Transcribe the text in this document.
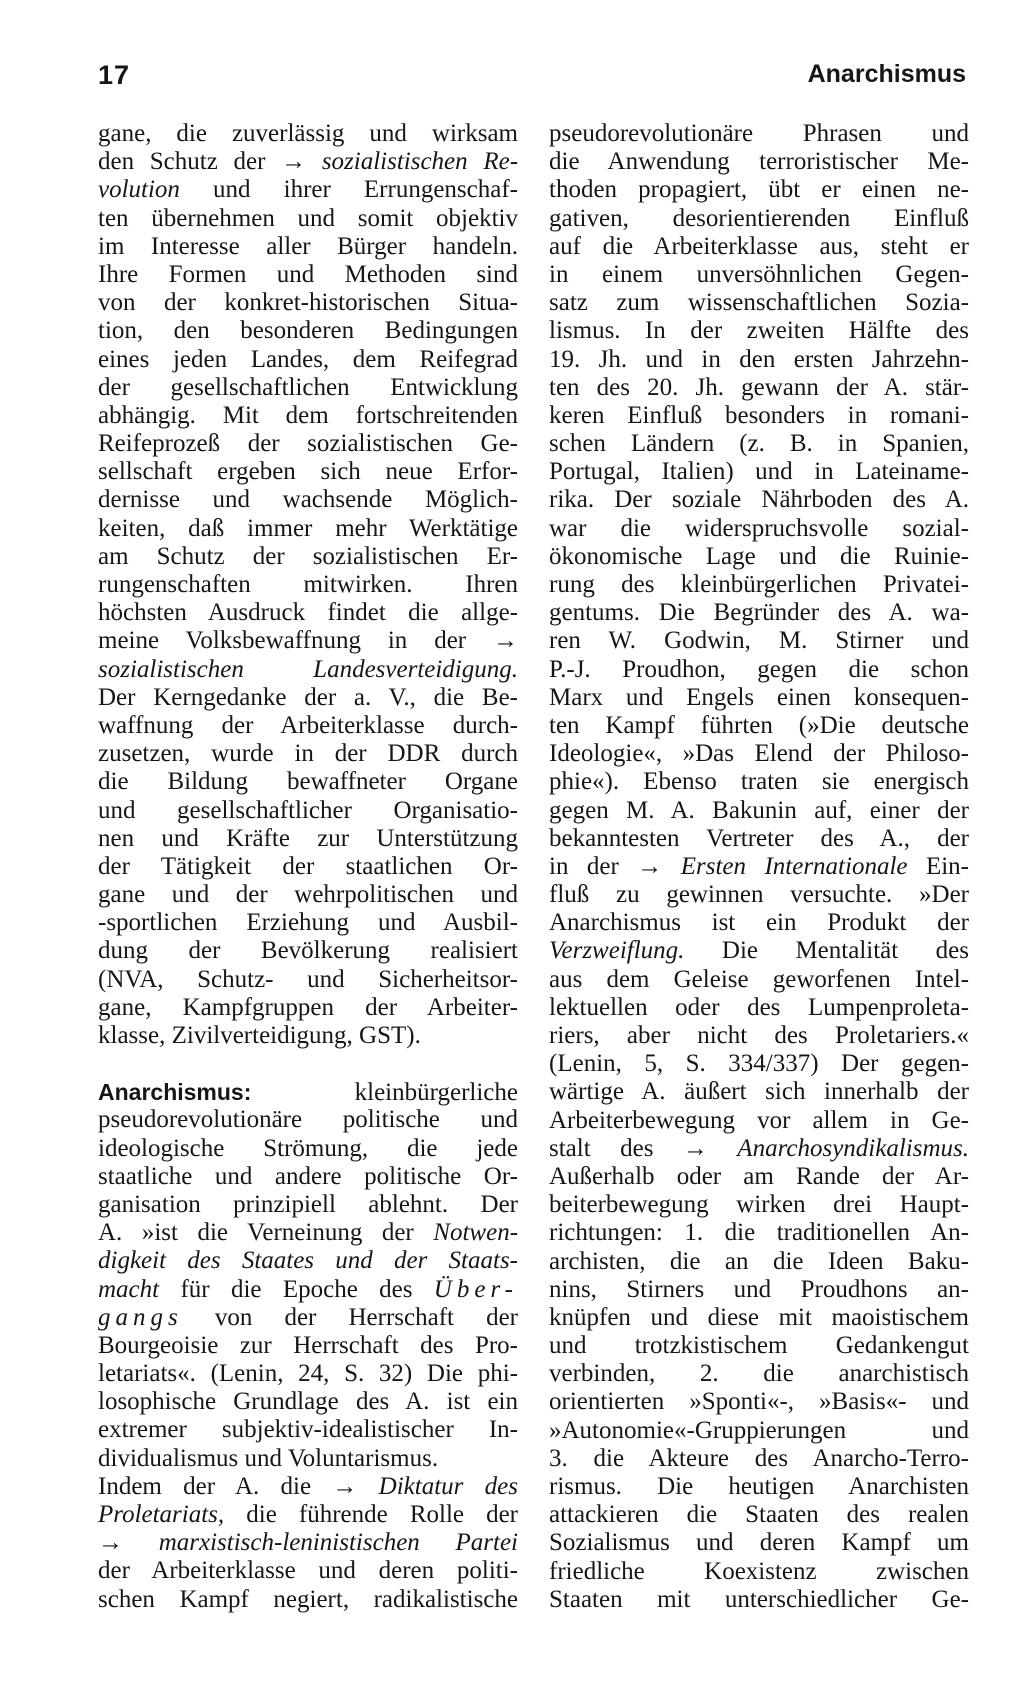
17	Anarchismus
gane, die zuverlässig und wirksam
den Schutz der → sozialistischen Re-
volution und ihrer Errungenschaf-
ten übernehmen und somit objektiv
im Interesse aller Bürger handeln.
Ihre Formen und Methoden sind
von der konkret-historischen Situa-
tion, den besonderen Bedingungen
eines jeden Landes, dem Reifegrad
der gesellschaftlichen Entwicklung
abhängig. Mit dem fortschreitenden
Reifeprozeß der sozialistischen Ge-
sellschaft ergeben sich neue Erfor-
dernisse und wachsende Möglich-
keiten, daß immer mehr Werktätige
am Schutz der sozialistischen Er-
rungenschaften mitwirken. Ihren
höchsten Ausdruck findet die allge-
meine Volksbewaffnung in der →
sozialistischen Landesverteidigung.
Der Kerngedanke der a. V., die Be-
waffnung der Arbeiterklasse durch-
zusetzen, wurde in der DDR durch
die Bildung bewaffneter Organe
und gesellschaftlicher Organisatio-
nen und Kräfte zur Unterstützung
der Tätigkeit der staatlichen Or-
gane und der wehrpolitischen und
-sportlichen Erziehung und Ausbil-
dung der Bevölkerung realisiert
(NVA, Schutz- und Sicherheitsor-
gane, Kampfgruppen der Arbeiter-
klasse, Zivilverteidigung, GST).
Anarchismus:	kleinbürgerliche
pseudorevolutionäre politische und
ideologische Strömung, die jede
staatliche und andere politische Or-
ganisation prinzipiell ablehnt. Der
A. »ist die Verneinung der Notwen-
digkeit des Staates und der Staats-
macht für die Epoche des Über-
gangs von der Herrschaft der
Bourgeoisie zur Herrschaft des Pro-
letariats«. (Lenin, 24, S. 32) Die phi-
losophische Grundlage des A. ist ein
extremer subjektiv-idealistischer In-
dividualismus und Voluntarismus.
Indem der A. die → Diktatur des
Proletariats, die führende Rolle der
→ marxistisch-leninistischen Partei
der Arbeiterklasse und deren politi-
schen Kampf negiert, radikalistische
pseudorevolutionäre Phrasen und
die Anwendung terroristischer Me-
thoden propagiert, übt er einen ne-
gativen, desorientierenden Einfluß
auf die Arbeiterklasse aus, steht er
in einem unversöhnlichen Gegen-
satz zum wissenschaftlichen Sozia-
lismus. In der zweiten Hälfte des
19. Jh. und in den ersten Jahrzehn-
ten des 20. Jh. gewann der A. stär-
keren Einfluß besonders in romani-
schen Ländern (z. B. in Spanien,
Portugal, Italien) und in Lateiname-
rika. Der soziale Nährboden des A.
war die widerspruchsvolle sozial-
ökonomische Lage und die Ruinie-
rung des kleinbürgerlichen Privatei-
gentums. Die Begründer des A. wa-
ren W. Godwin, M. Stirner und
P.-J. Proudhon, gegen die schon
Marx und Engels einen konsequen-
ten Kampf führten (»Die deutsche
Ideologie«, »Das Elend der Philoso-
phie«). Ebenso traten sie energisch
gegen M. A. Bakunin auf, einer der
bekanntesten Vertreter des A., der
in der → Ersten Internationale Ein-
fluß zu gewinnen versuchte. »Der
Anarchismus ist ein Produkt der
Verzweiflung. Die Mentalität des
aus dem Geleise geworfenen Intel-
lektuellen oder des Lumpenproleta-
riers, aber nicht des Proletariers.«
(Lenin, 5, S. 334/337) Der gegen-
wärtige A. äußert sich innerhalb der
Arbeiterbewegung vor allem in Ge-
stalt des → Anarchosyndikalismus.
Außerhalb oder am Rande der Ar-
beiterbewegung wirken drei Haupt-
richtungen: 1. die traditionellen An-
archisten, die an die Ideen Baku-
nins, Stirners und Proudhons an-
knüpfen und diese mit maoistischem
und trotzkistischem Gedankengut
verbinden, 2. die anarchistisch
orientierten »Sponti«-, »Basis«- und
»Autonomie«-Gruppierungen und
3. die Akteure des Anarcho-Terro-
rismus. Die heutigen Anarchisten
attackieren die Staaten des realen
Sozialismus und deren Kampf um
friedliche Koexistenz zwischen
Staaten mit unterschiedlicher Ge-
